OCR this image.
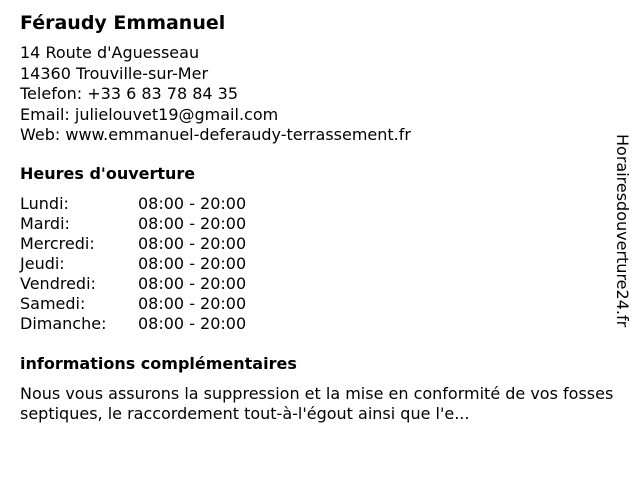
Féraudy Emmanuel
14 Route d'Aguesseau
14360 Trouville-sur-Mer
Telefon: +33 6 83 78 84 35
Email: julielouvet19@gmail.com
Web: www.emmanuel-deferaudy-terrassement.fr
Heures d'ouverture
Lundi:	08:00 - 20:00
Mardi:	08:00 - 20:00
Mercredi:	08:00 - 20:00
Jeudi:	08:00 - 20:00
Vendredi:	08:00 - 20:00
Samedi:	08:00 - 20:00
Dimanche:	08:00 - 20:00
informations complémentaires
Nous vous assurons la suppression et la mise en conformité de vos fosses septiques, le raccordement tout-à-l'égout ainsi que l'e...
Horairesdouverture24.fr
